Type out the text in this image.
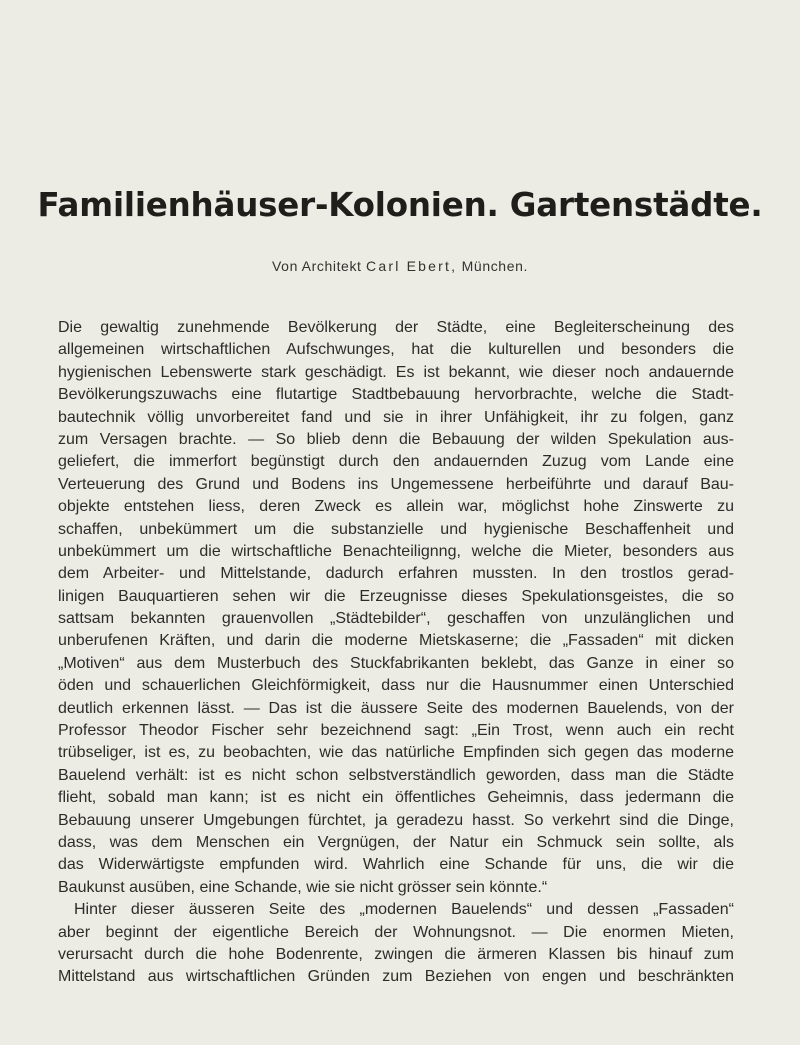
Familienhäuser-Kolonien. Gartenstädte.

Von Architekt Carl Ebert, München.

Die gewaltig zunehmende Bevölkerung der Städte, eine Begleiterscheinung des
allgemeinen wirtschaftlichen Aufschwunges, hat die kulturellen und besonders die
hygienischen Lebenswerte stark geschädigt. Es ist bekannt, wie dieser noch andauernde
Bevölkerungszuwachs eine flutartige Stadtbebauung hervorbrachte, welche die Stadt-
bautechnik völlig unvorbereitet fand und sie in ihrer Unfähigkeit, ihr zu folgen, ganz
zum Versagen brachte. — So blieb denn die Bebauung der wilden Spekulation aus-
geliefert, die immerfort begünstigt durch den andauernden Zuzug vom Lande eine
Verteuerung des Grund und Bodens ins Ungemessene herbeiführte und darauf Bau-
objekte entstehen liess, deren Zweck es allein war, möglichst hohe Zinswerte zu
schaffen, unbekümmert um die substanzielle und hygienische Beschaffenheit und
unbekümmert um die wirtschaftliche Benachteilignng, welche die Mieter, besonders aus
dem Arbeiter- und Mittelstande, dadurch erfahren mussten. In den trostlos gerad-
linigen Bauquartieren sehen wir die Erzeugnisse dieses Spekulationsgeistes, die so
sattsam bekannten grauenvollen „Städtebilder“, geschaffen von unzulänglichen und
unberufenen Kräften, und darin die moderne Mietskaserne; die „Fassaden“ mit dicken
„Motiven“ aus dem Musterbuch des Stuckfabrikanten beklebt, das Ganze in einer so
öden und schauerlichen Gleichförmigkeit, dass nur die Hausnummer einen Unterschied
deutlich erkennen lässt. — Das ist die äussere Seite des modernen Bauelends, von der
Professor Theodor Fischer sehr bezeichnend sagt: „Ein Trost, wenn auch ein recht
trübseliger, ist es, zu beobachten, wie das natürliche Empfinden sich gegen das moderne
Bauelend verhält: ist es nicht schon selbstverständlich geworden, dass man die Städte
flieht, sobald man kann; ist es nicht ein öffentliches Geheimnis, dass jedermann die
Bebauung unserer Umgebungen fürchtet, ja geradezu hasst. So verkehrt sind die Dinge,
dass, was dem Menschen ein Vergnügen, der Natur ein Schmuck sein sollte, als
das Widerwärtigste empfunden wird. Wahrlich eine Schande für uns, die wir die
Baukunst ausüben, eine Schande, wie sie nicht grösser sein könnte.“
Hinter dieser äusseren Seite des „modernen Bauelends“ und dessen „Fassaden“
aber beginnt der eigentliche Bereich der Wohnungsnot. — Die enormen Mieten,
verursacht durch die hohe Bodenrente, zwingen die ärmeren Klassen bis hinauf zum
Mittelstand aus wirtschaftlichen Gründen zum Beziehen von engen und beschränkten
